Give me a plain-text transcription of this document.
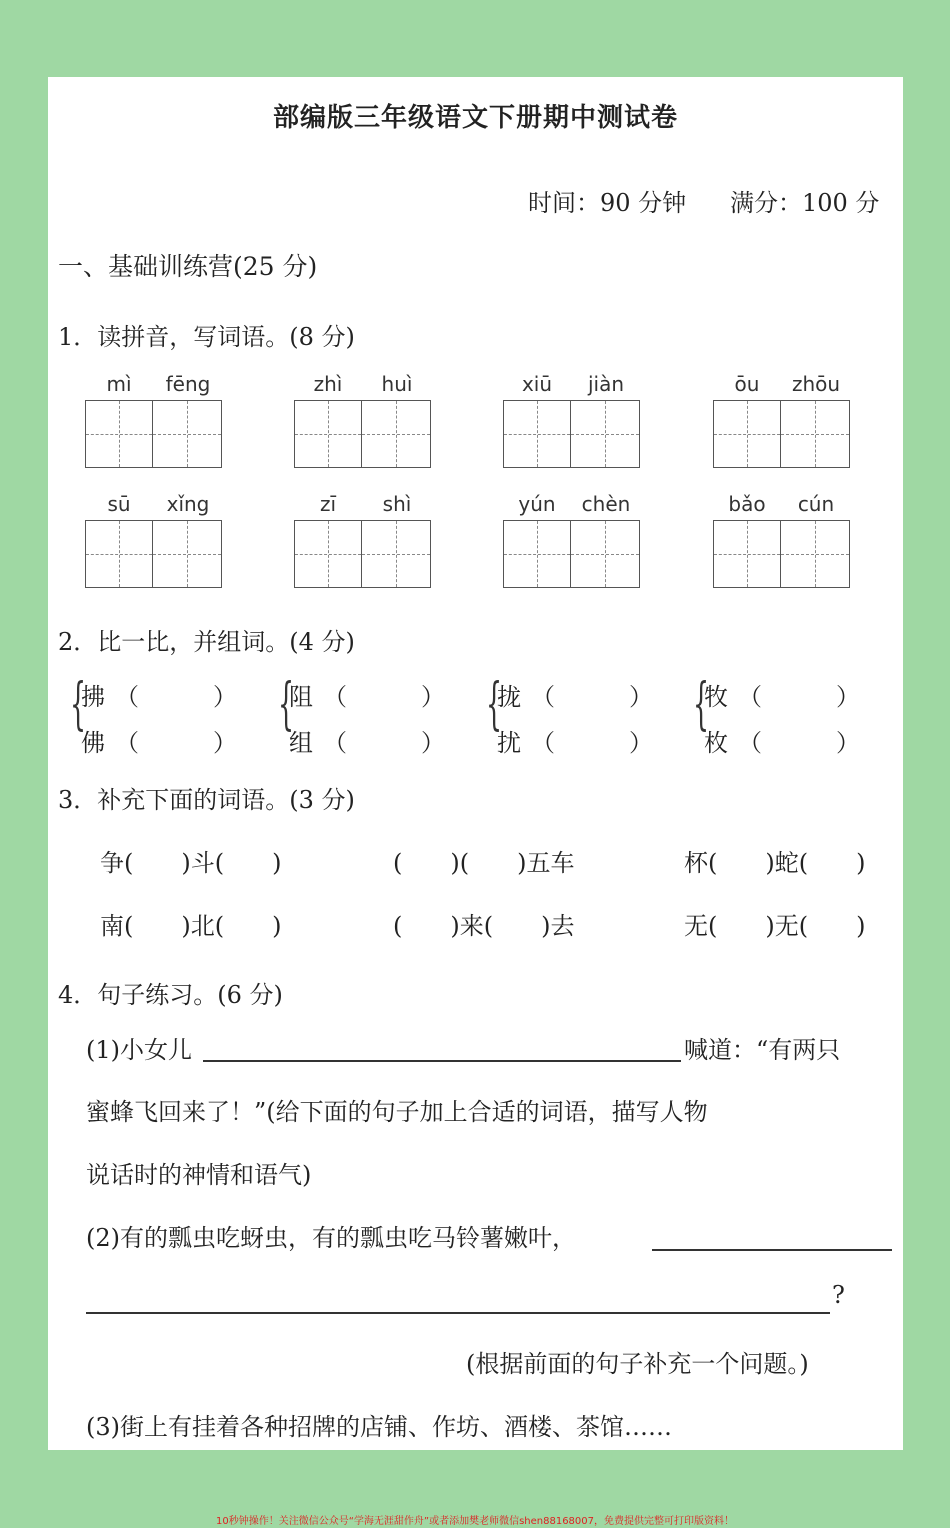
部编版三年级语文下册期中测试卷
时间：90 分钟 满分：100 分
一、基础训练营(25 分)
1．读拼音，写词语。(8 分)
mì	fēng	zhì	huì	xiū	jiàn	ōu	zhōu
sū	xǐng	zī	shì	yún	chèn	bǎo	cún
2．比一比，并组词。(4 分)
{
拂 （	）
佛 （	）
{
阻 （	）
组 （	）
{
拢 （	）
扰 （	）
{
牧 （	）
枚 （	）
3．补充下面的词语。(3 分)
争(　　)斗(　　)	(　　)(　　)五车	杯(　　)蛇(　　)
南(　　)北(　　)	(　　)来(　　)去	无(　　)无(　　)
4．句子练习。(6 分)
(1)小女儿	喊道：“有两只
蜜蜂飞回来了！”(给下面的句子加上合适的词语，描写人物
说话时的神情和语气)
(2)有的瓢虫吃蚜虫，有的瓢虫吃马铃薯嫩叶，
?
(根据前面的句子补充一个问题。)
(3)街上有挂着各种招牌的店铺、作坊、酒楼、茶馆……
10秒钟操作！关注微信公众号“学海无涯甜作舟”或者添加樊老师微信shen88168007，免费提供完整可打印版资料！
